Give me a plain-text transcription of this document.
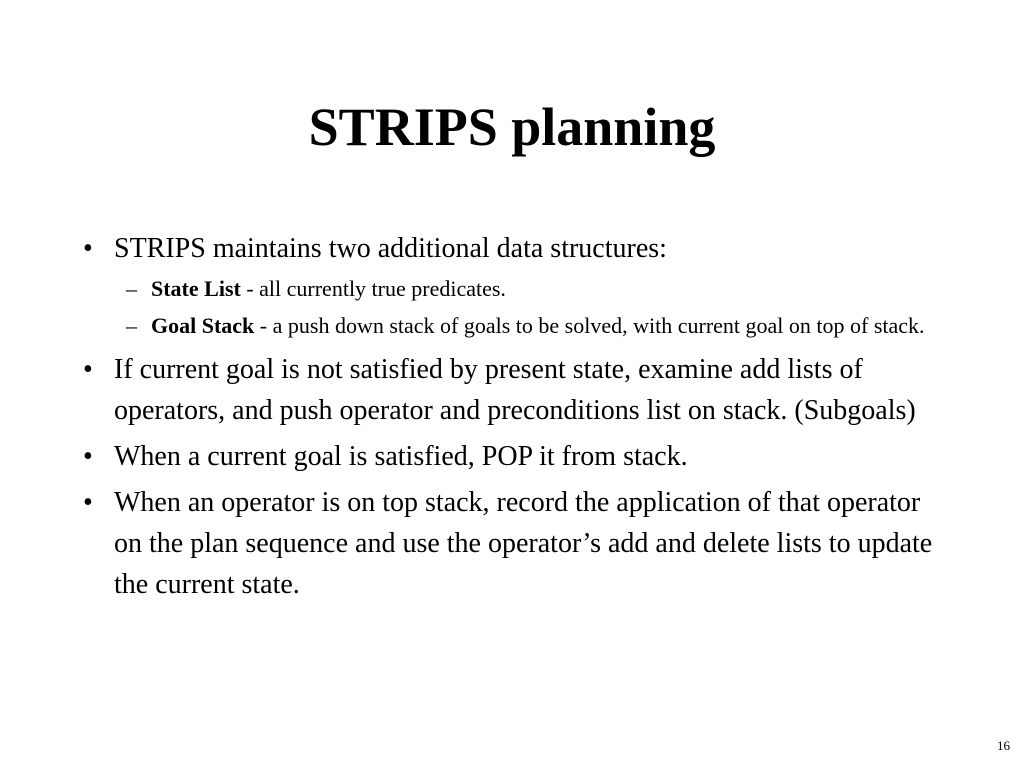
STRIPS planning
• STRIPS maintains two additional data structures:
– State List - all currently true predicates.
– Goal Stack - a push down stack of goals to be solved, with current goal on top of stack.
• If current goal is not satisfied by present state, examine add lists of operators, and push operator and preconditions list on stack. (Subgoals)
• When a current goal is satisfied, POP it from stack.
• When an operator is on top stack, record the application of that operator on the plan sequence and use the operator’s add and delete lists to update the current state.
16
